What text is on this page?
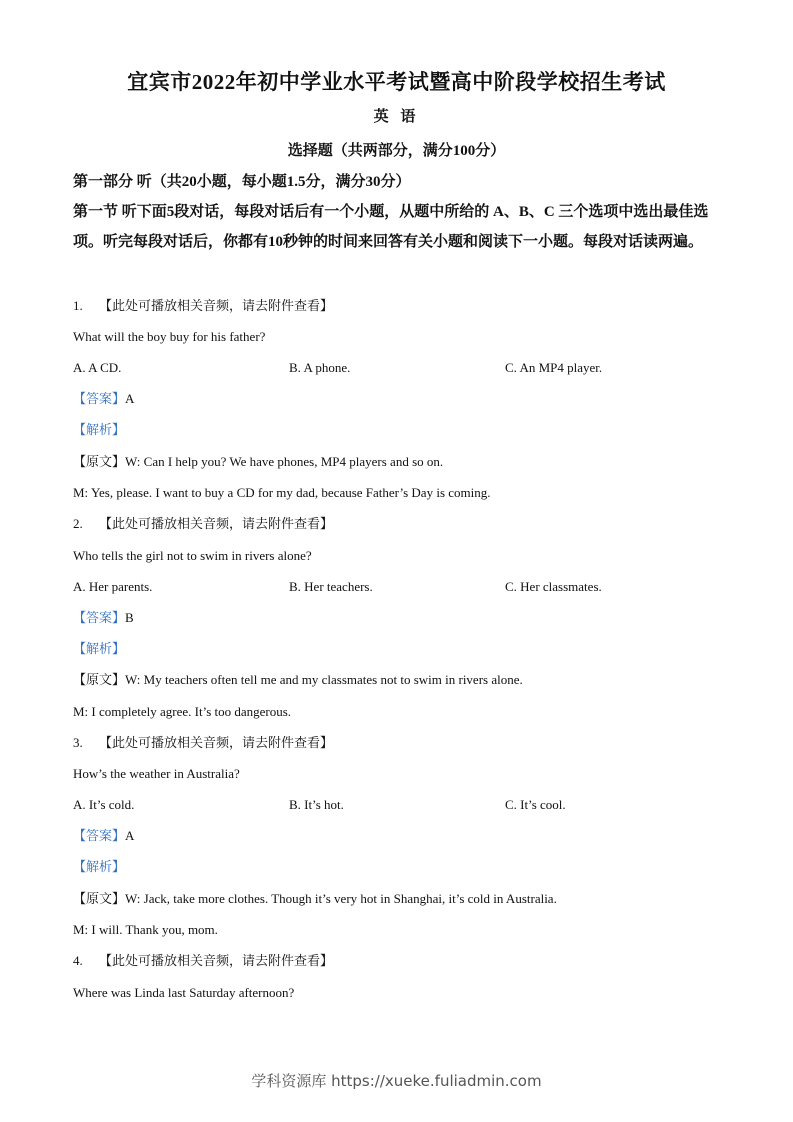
宜宾市2022年初中学业水平考试暨高中阶段学校招生考试
英 语
选择题（共两部分，满分100分）
第一部分 听（共20小题，每小题1.5分，满分30分）
第一节 听下面5段对话，每段对话后有一个小题，从题中所给的 A、B、C 三个选项中选出最佳选项。听完每段对话后，你都有10秒钟的时间来回答有关小题和阅读下一小题。每段对话读两遍。
1. 【此处可播放相关音频，请去附件查看】
What will the boy buy for his father?
A. A CD.	B. A phone.	C. An MP4 player.
【答案】A
【解析】
【原文】W: Can I help you? We have phones, MP4 players and so on.
M: Yes, please. I want to buy a CD for my dad, because Father’s Day is coming.
2. 【此处可播放相关音频，请去附件查看】
Who tells the girl not to swim in rivers alone?
A. Her parents.	B. Her teachers.	C. Her classmates.
【答案】B
【解析】
【原文】W: My teachers often tell me and my classmates not to swim in rivers alone.
M: I completely agree. It’s too dangerous.
3. 【此处可播放相关音频，请去附件查看】
How’s the weather in Australia?
A. It’s cold.	B. It’s hot.	C. It’s cool.
【答案】A
【解析】
【原文】W: Jack, take more clothes. Though it’s very hot in Shanghai, it’s cold in Australia.
M: I will. Thank you, mom.
4. 【此处可播放相关音频，请去附件查看】
Where was Linda last Saturday afternoon?
学科资源库 https://xueke.fuliadmin.com
